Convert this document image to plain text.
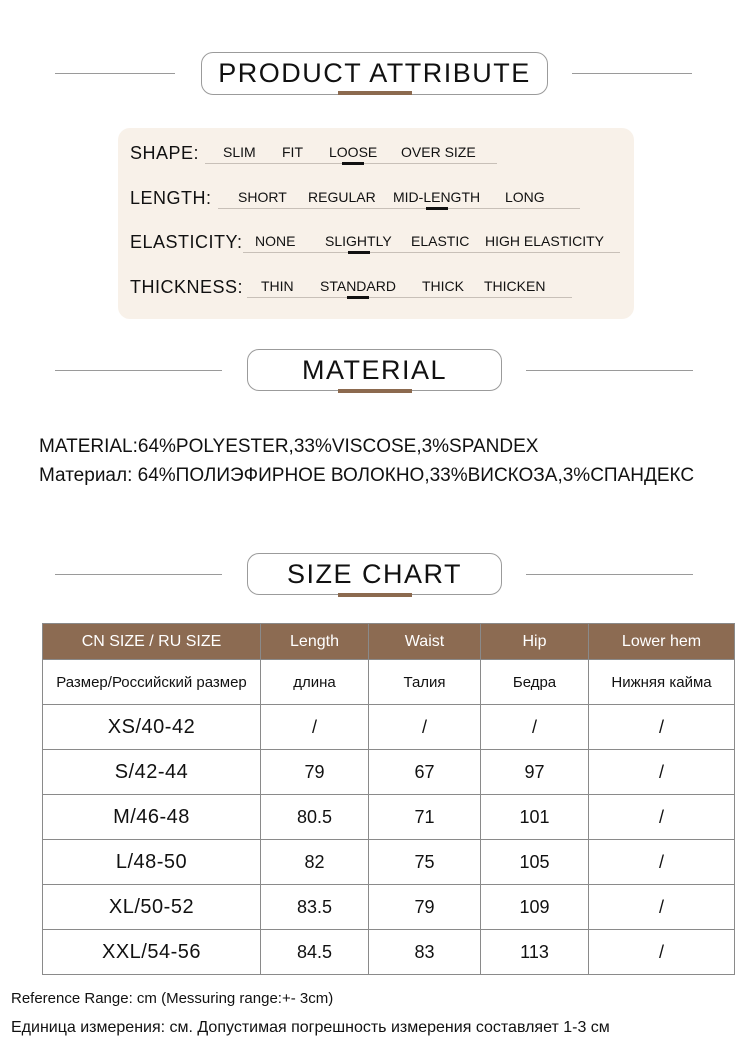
PRODUCT ATTRIBUTE
SHAPE: SLIM FIT LOOSE OVER SIZE
LENGTH: SHORT REGULAR MID-LENGTH LONG
ELASTICITY: NONE SLIGHTLY ELASTIC HIGH ELASTICITY
THICKNESS: THIN STANDARD THICK THICKEN
MATERIAL
MATERIAL:64%POLYESTER,33%VISCOSE,3%SPANDEX
Материал: 64%ПОЛИЭФИРНОЕ ВОЛОКНО,33%ВИСКОЗА,3%СПАНДЕКС
SIZE CHART
CN SIZE / RU SIZE	Length	Waist	Hip	Lower hem
Размер/Российский размер	длина	Талия	Бедра	Нижняя кайма
XS/40-42	/	/	/	/
S/42-44	79	67	97	/
M/46-48	80.5	71	101	/
L/48-50	82	75	105	/
XL/50-52	83.5	79	109	/
XXL/54-56	84.5	83	113	/
Reference Range: cm (Messuring range:+- 3cm)
Единица измерения: см. Допустимая погрешность измерения составляет 1-3 см
